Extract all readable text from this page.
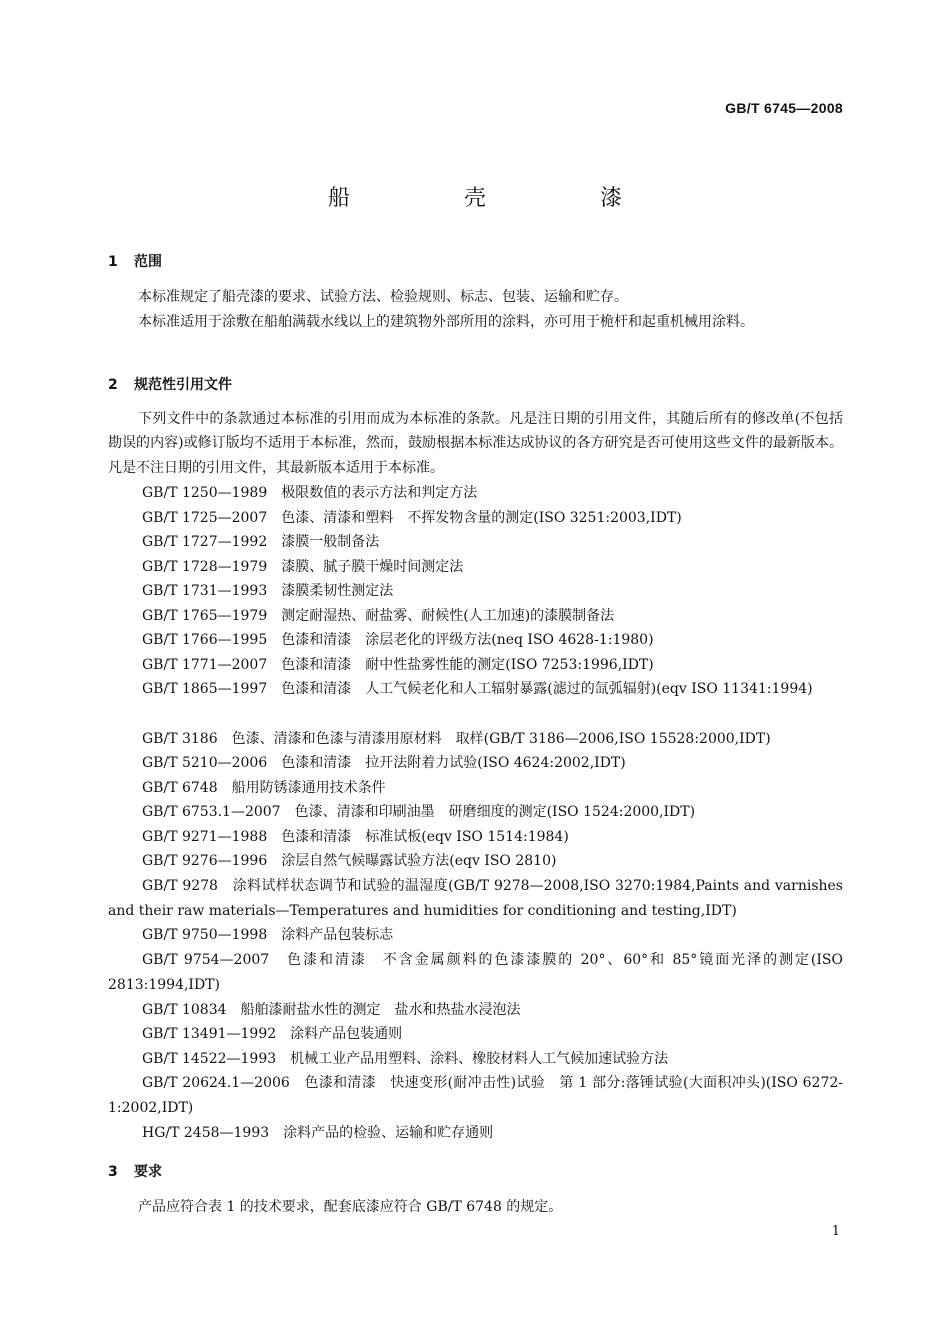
GB/T 6745—2008
船　壳　漆
1 范围
本标准规定了船壳漆的要求、试验方法、检验规则、标志、包装、运输和贮存。
本标准适用于涂敷在船舶满载水线以上的建筑物外部所用的涂料，亦可用于桅杆和起重机械用涂料。
2 规范性引用文件
下列文件中的条款通过本标准的引用而成为本标准的条款。凡是注日期的引用文件，其随后所有的修改单(不包括勘误的内容)或修订版均不适用于本标准，然而，鼓励根据本标准达成协议的各方研究是否可使用这些文件的最新版本。凡是不注日期的引用文件，其最新版本适用于本标准。
GB/T 1250—1989　极限数值的表示方法和判定方法
GB/T 1725—2007　色漆、清漆和塑料　不挥发物含量的测定(ISO 3251:2003,IDT)
GB/T 1727—1992　漆膜一般制备法
GB/T 1728—1979　漆膜、腻子膜干燥时间测定法
GB/T 1731—1993　漆膜柔韧性测定法
GB/T 1765—1979　测定耐湿热、耐盐雾、耐候性(人工加速)的漆膜制备法
GB/T 1766—1995　色漆和清漆　涂层老化的评级方法(neq ISO 4628-1:1980)
GB/T 1771—2007　色漆和清漆　耐中性盐雾性能的测定(ISO 7253:1996,IDT)
GB/T 1865—1997　色漆和清漆　人工气候老化和人工辐射暴露(滤过的氙弧辐射)(eqv ISO 11341:1994)
GB/T 3186　色漆、清漆和色漆与清漆用原材料　取样(GB/T 3186—2006,ISO 15528:2000,IDT)
GB/T 5210—2006　色漆和清漆　拉开法附着力试验(ISO 4624:2002,IDT)
GB/T 6748　船用防锈漆通用技术条件
GB/T 6753.1—2007　色漆、清漆和印刷油墨　研磨细度的测定(ISO 1524:2000,IDT)
GB/T 9271—1988　色漆和清漆　标准试板(eqv ISO 1514:1984)
GB/T 9276—1996　涂层自然气候曝露试验方法(eqv ISO 2810)
GB/T 9278　涂料试样状态调节和试验的温湿度(GB/T 9278—2008,ISO 3270:1984,Paints and varnishes and their raw materials—Temperatures and humidities for conditioning and testing,IDT)
GB/T 9750—1998　涂料产品包装标志
GB/T 9754—2007　色漆和清漆　不含金属颜料的色漆漆膜的 20°、60°和 85°镜面光泽的测定(ISO 2813:1994,IDT)
GB/T 10834　船舶漆耐盐水性的测定　盐水和热盐水浸泡法
GB/T 13491—1992　涂料产品包装通则
GB/T 14522—1993　机械工业产品用塑料、涂料、橡胶材料人工气候加速试验方法
GB/T 20624.1—2006　色漆和清漆　快速变形(耐冲击性)试验　第 1 部分:落锤试验(大面积冲头)(ISO 6272-1:2002,IDT)
HG/T 2458—1993　涂料产品的检验、运输和贮存通则
3 要求
产品应符合表 1 的技术要求，配套底漆应符合 GB/T 6748 的规定。
1
